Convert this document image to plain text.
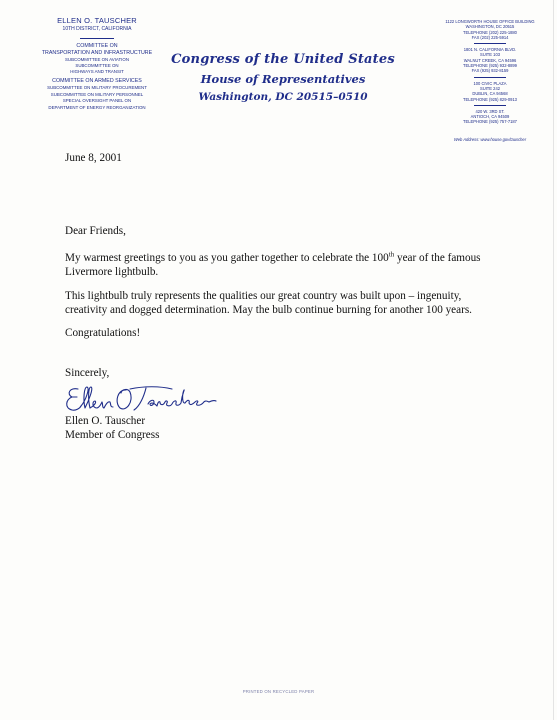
ELLEN O. TAUSCHER
10TH DISTRICT, CALIFORNIA
COMMITTEE ON
TRANSPORTATION AND INFRASTRUCTURE
SUBCOMMITTEE ON AVIATION
SUBCOMMITTEE ON
HIGHWAYS AND TRANSIT
COMMITTEE ON ARMED SERVICES
SUBCOMMITTEE ON MILITARY PROCUREMENT
SUBCOMMITTEE ON MILITARY PERSONNEL
SPECIAL OVERSIGHT PANEL ON
DEPARTMENT OF ENERGY REORGANIZATION
Congress of the United States
House of Representatives
Washington, DC 20515–0510
1122 LONGWORTH HOUSE OFFICE BUILDING
WASHINGTON, DC 20515
TELEPHONE (202) 225-1880
FAX (202) 225-5914
1801 N. CALIFORNIA BLVD.
SUITE 103
WALNUT CREEK, CA 94596
TELEPHONE (925) 932-8899
FAX (925) 932-8159
100 CIVIC PLAZA
SUITE 242
DUBLIN, CA 94568
TELEPHONE (925) 829-0913
420 W. 3RD ST.
ANTIOCH, CA 94509
TELEPHONE (925) 757-7187
Web Address: www.house.gov/tauscher
June 8, 2001
Dear Friends,
My warmest greetings to you as you gather together to celebrate the 100th year of the famous Livermore lightbulb.
This lightbulb truly represents the qualities our great country was built upon – ingenuity, creativity and dogged determination. May the bulb continue burning for another 100 years.
Congratulations!
Sincerely,
Ellen O. Tauscher
Member of Congress
PRINTED ON RECYCLED PAPER
